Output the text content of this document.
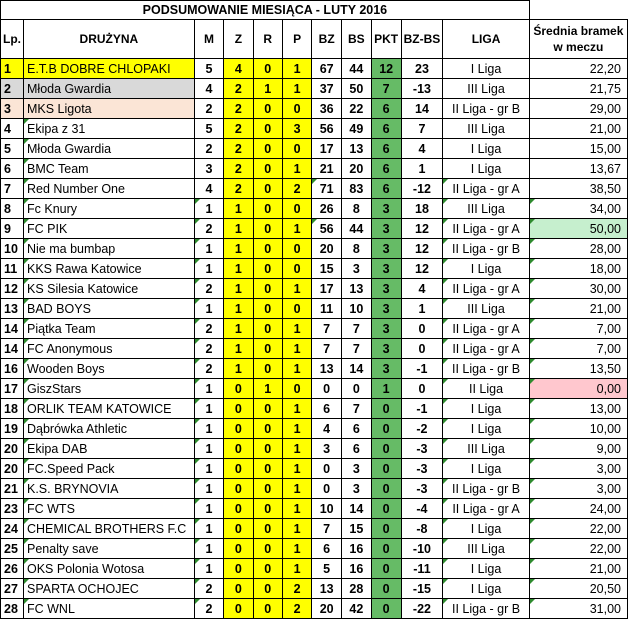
PODSUMOWANIE MIESIĄCA - LUTY 2016											
Lp.	DRUŻYNA	M	Z	R	P	BZ	BS	PKT	BZ-BS	LIGA	Średnia bramek w meczu
1	E.T.B DOBRE CHLOPAKI	5	4	0	1	67	44	12	23	I Liga	22,20
2	Młoda Gwardia	4	2	1	1	37	50	7	-13	III Liga	21,75
3	MKS Ligota	2	2	0	0	36	22	6	14	II Liga - gr B	29,00
4	Ekipa z 31	5	2	0	3	56	49	6	7	III Liga	21,00
5	Młoda Gwardia	2	2	0	0	17	13	6	4	I Liga	15,00
6	BMC Team	3	2	0	1	21	20	6	1	I Liga	13,67
7	Red Number One	4	2	0	2	71	83	6	-12	II Liga - gr A	38,50
8	Fc Knury	1	1	0	0	26	8	3	18	III Liga	34,00
9	FC PIK	2	1	0	1	56	44	3	12	II Liga - gr A	50,00
10	Nie ma bumbap	1	1	0	0	20	8	3	12	II Liga - gr B	28,00
11	KKS Rawa Katowice	1	1	0	0	15	3	3	12	I Liga	18,00
12	KS Silesia Katowice	2	1	0	1	17	13	3	4	II Liga - gr A	30,00
13	BAD BOYS	1	1	0	0	11	10	3	1	III Liga	21,00
14	Piątka Team	2	1	0	1	7	7	3	0	II Liga - gr A	7,00
14	FC Anonymous	2	1	0	1	7	7	3	0	II Liga - gr A	7,00
16	Wooden Boys	2	1	0	1	13	14	3	-1	II Liga - gr B	13,50
17	GiszStars	1	0	1	0	0	0	1	0	II Liga	0,00
18	ORLIK TEAM KATOWICE	1	0	0	1	6	7	0	-1	I Liga	13,00
19	Dąbrówka Athletic	1	0	0	1	4	6	0	-2	I Liga	10,00
20	Ekipa DAB	1	0	0	1	3	6	0	-3	III Liga	9,00
20	FC.Speed Pack	1	0	0	1	0	3	0	-3	I Liga	3,00
21	K.S. BRYNOVIA	1	0	0	1	0	3	0	-3	II Liga - gr B	3,00
23	FC WTS	1	0	0	1	10	14	0	-4	II Liga - gr A	24,00
24	CHEMICAL BROTHERS F.C	1	0	0	1	7	15	0	-8	I Liga	22,00
25	Penalty save	1	0	0	1	6	16	0	-10	III Liga	22,00
26	OKS Polonia Wotosa	1	0	0	1	5	16	0	-11	I Liga	21,00
27	SPARTA OCHOJEC	2	0	0	2	13	28	0	-15	I Liga	20,50
28	FC WNL	2	0	0	2	20	42	0	-22	II Liga - gr B	31,00
